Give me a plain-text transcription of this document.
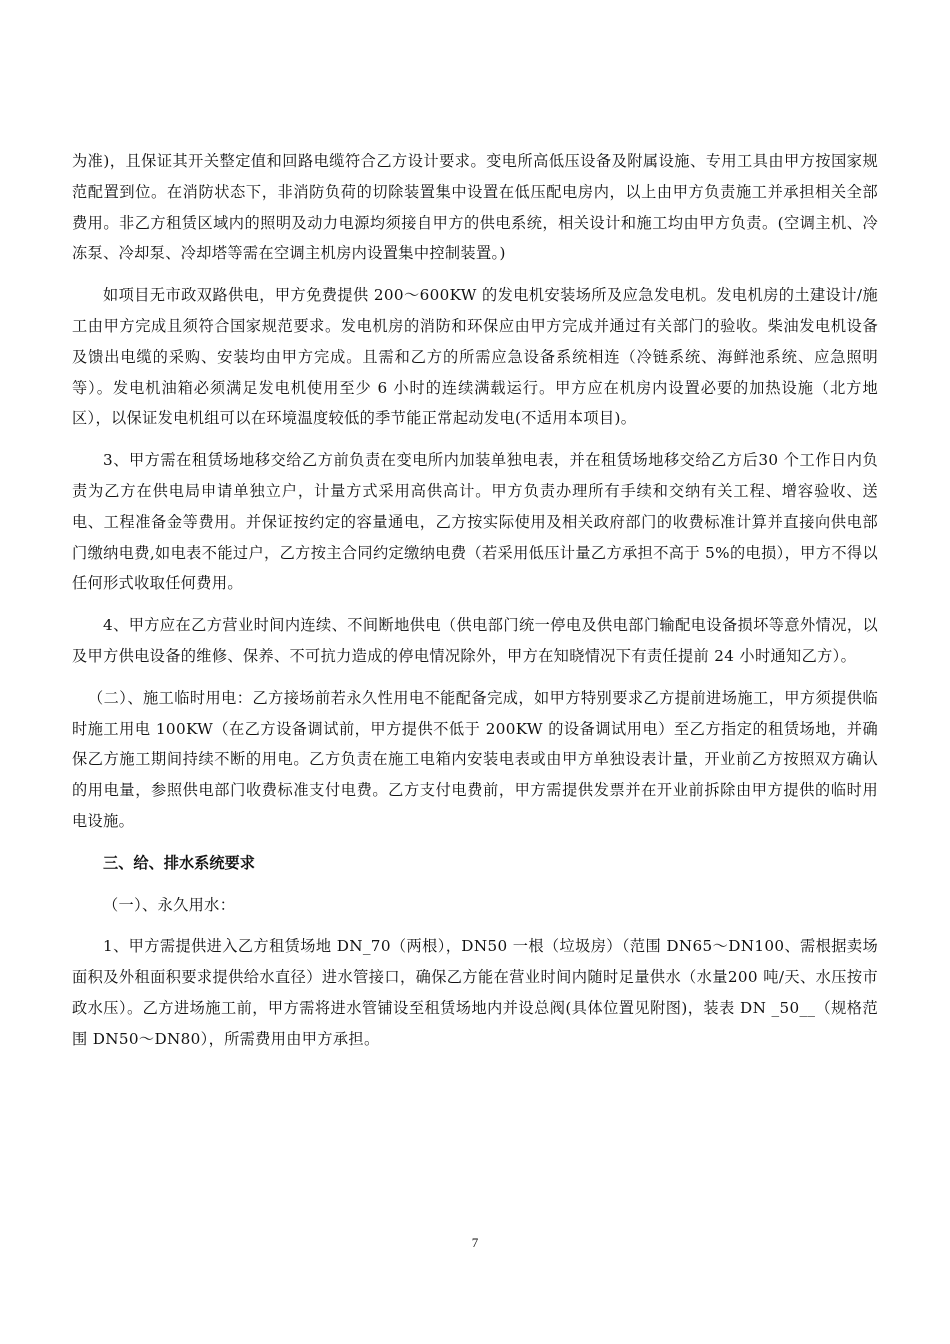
为准)，且保证其开关整定值和回路电缆符合乙方设计要求。变电所高低压设备及附属设施、专用工具由甲方按国家规范配置到位。在消防状态下，非消防负荷的切除装置集中设置在低压配电房内，以上由甲方负责施工并承担相关全部费用。非乙方租赁区域内的照明及动力电源均须接自甲方的供电系统，相关设计和施工均由甲方负责。(空调主机、冷冻泵、冷却泵、冷却塔等需在空调主机房内设置集中控制装置。)

如项目无市政双路供电，甲方免费提供 200～600KW 的发电机安装场所及应急发电机。发电机房的土建设计/施工由甲方完成且须符合国家规范要求。发电机房的消防和环保应由甲方完成并通过有关部门的验收。柴油发电机设备及馈出电缆的采购、安装均由甲方完成。且需和乙方的所需应急设备系统相连（冷链系统、海鲜池系统、应急照明等）。发电机油箱必须满足发电机使用至少 6 小时的连续满载运行。甲方应在机房内设置必要的加热设施（北方地区），以保证发电机组可以在环境温度较低的季节能正常起动发电(不适用本项目)。

3、甲方需在租赁场地移交给乙方前负责在变电所内加装单独电表，并在租赁场地移交给乙方后30 个工作日内负责为乙方在供电局申请单独立户，计量方式采用高供高计。甲方负责办理所有手续和交纳有关工程、增容验收、送电、工程准备金等费用。并保证按约定的容量通电，乙方按实际使用及相关政府部门的收费标准计算并直接向供电部门缴纳电费,如电表不能过户，乙方按主合同约定缴纳电费（若采用低压计量乙方承担不高于 5%的电损），甲方不得以任何形式收取任何费用。

4、甲方应在乙方营业时间内连续、不间断地供电（供电部门统一停电及供电部门输配电设备损坏等意外情况，以及甲方供电设备的维修、保养、不可抗力造成的停电情况除外，甲方在知晓情况下有责任提前 24 小时通知乙方）。

（二）、施工临时用电：乙方接场前若永久性用电不能配备完成，如甲方特别要求乙方提前进场施工，甲方须提供临时施工用电 100KW（在乙方设备调试前，甲方提供不低于 200KW 的设备调试用电）至乙方指定的租赁场地，并确保乙方施工期间持续不断的用电。乙方负责在施工电箱内安装电表或由甲方单独设表计量，开业前乙方按照双方确认的用电量，参照供电部门收费标准支付电费。乙方支付电费前，甲方需提供发票并在开业前拆除由甲方提供的临时用电设施。

三、给、排水系统要求

（一）、永久用水：

1、甲方需提供进入乙方租赁场地 DN_70（两根），DN50 一根（垃圾房）（范围 DN65～DN100、需根据卖场面积及外租面积要求提供给水直径）进水管接口，确保乙方能在营业时间内随时足量供水（水量200 吨/天、水压按市政水压）。乙方进场施工前，甲方需将进水管铺设至租赁场地内并设总阀(具体位置见附图)，装表 DN _50__（规格范围 DN50～DN80），所需费用由甲方承担。

7
